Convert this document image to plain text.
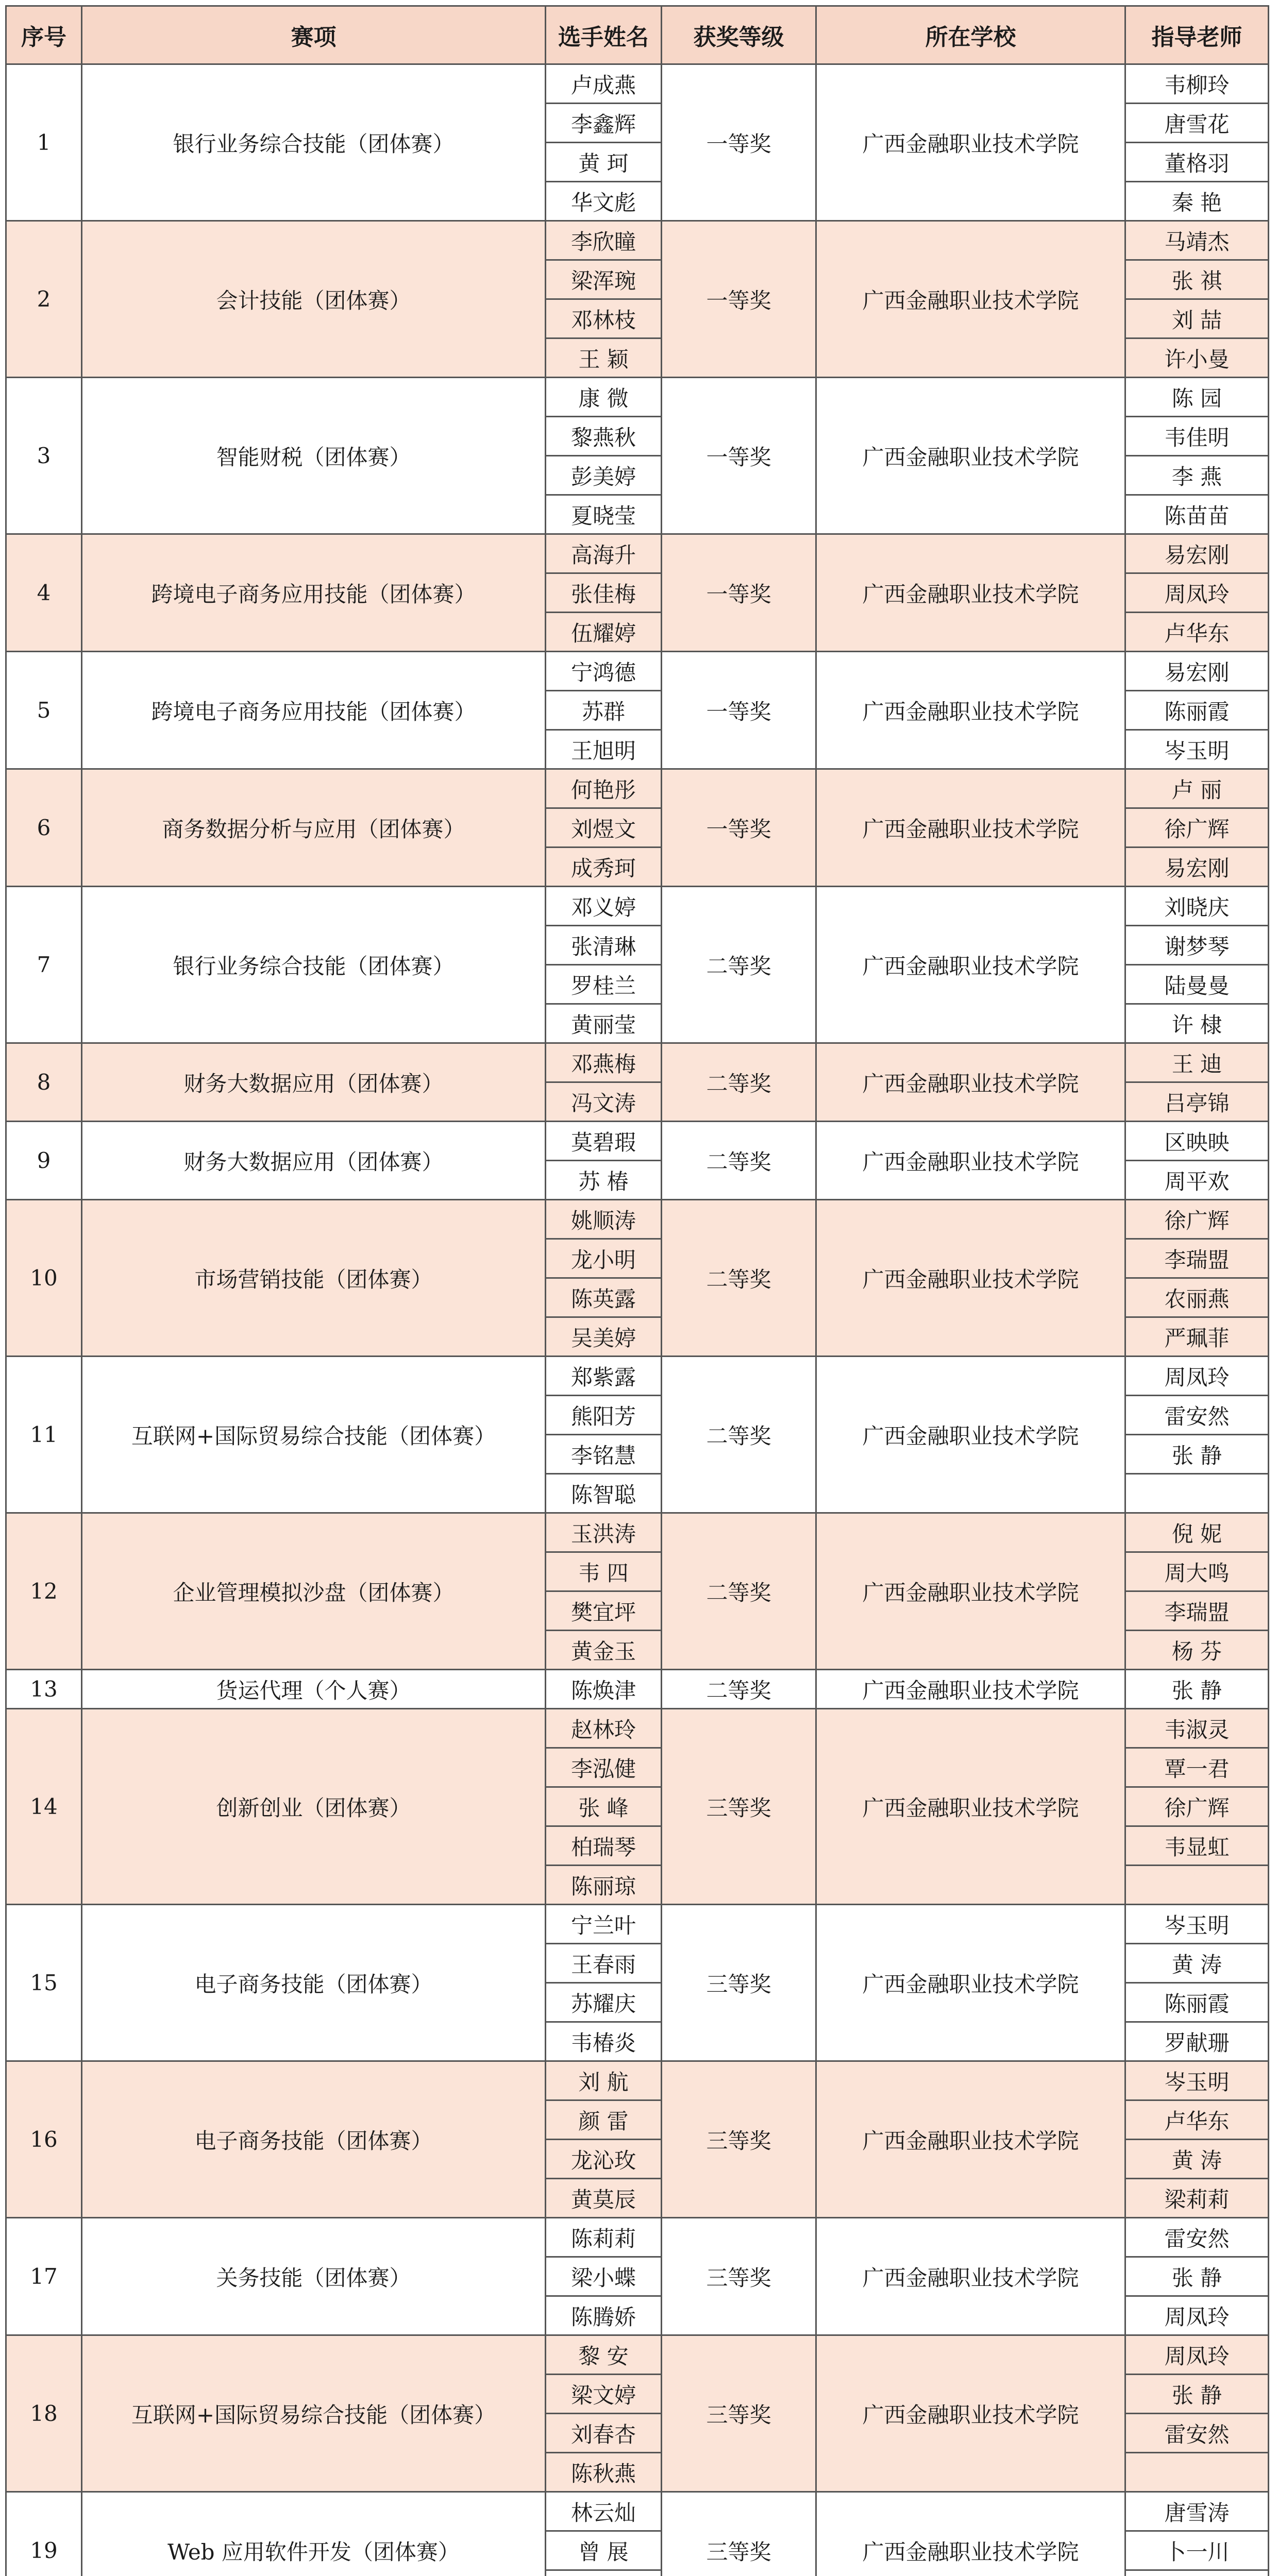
序号	赛项	选手姓名	获奖等级	所在学校	指导老师
1	银行业务综合技能（团体赛）	卢成燕	一等奖	广西金融职业技术学院	韦柳玲
		李鑫辉			唐雪花
		黄 珂			董格羽
		华文彪			秦 艳
2	会计技能（团体赛）	李欣瞳	一等奖	广西金融职业技术学院	马靖杰
		梁浑琬			张 祺
		邓林枝			刘 喆
		王 颖			许小曼
3	智能财税（团体赛）	康 微	一等奖	广西金融职业技术学院	陈 园
		黎燕秋			韦佳明
		彭美婷			李 燕
		夏晓莹			陈苗苗
4	跨境电子商务应用技能（团体赛）	高海升	一等奖	广西金融职业技术学院	易宏刚
		张佳梅			周凤玲
		伍耀婷			卢华东
5	跨境电子商务应用技能（团体赛）	宁鸿德	一等奖	广西金融职业技术学院	易宏刚
		苏群			陈丽霞
		王旭明			岑玉明
6	商务数据分析与应用（团体赛）	何艳彤	一等奖	广西金融职业技术学院	卢 丽
		刘煜文			徐广辉
		成秀珂			易宏刚
7	银行业务综合技能（团体赛）	邓义婷	二等奖	广西金融职业技术学院	刘晓庆
		张清琳			谢梦琴
		罗桂兰			陆曼曼
		黄丽莹			许 棣
8	财务大数据应用（团体赛）	邓燕梅	二等奖	广西金融职业技术学院	王 迪
		冯文涛			吕亭锦
9	财务大数据应用（团体赛）	莫碧瑕	二等奖	广西金融职业技术学院	区映映
		苏 椿			周平欢
10	市场营销技能（团体赛）	姚顺涛	二等奖	广西金融职业技术学院	徐广辉
		龙小明			李瑞盟
		陈英露			农丽燕
		吴美婷			严珮菲
11	互联网+国际贸易综合技能（团体赛）	郑紫露	二等奖	广西金融职业技术学院	周凤玲
		熊阳芳			雷安然
		李铭慧			张 静
		陈智聪			
12	企业管理模拟沙盘（团体赛）	玉洪涛	二等奖	广西金融职业技术学院	倪 妮
		韦 四			周大鸣
		樊宜坪			李瑞盟
		黄金玉			杨 芬
13	货运代理（个人赛）	陈焕津	二等奖	广西金融职业技术学院	张 静
14	创新创业（团体赛）	赵林玲	三等奖	广西金融职业技术学院	韦淑灵
		李泓健			覃一君
		张 峰			徐广辉
		柏瑞琴			韦显虹
		陈丽琼			
15	电子商务技能（团体赛）	宁兰叶	三等奖	广西金融职业技术学院	岑玉明
		王春雨			黄 涛
		苏耀庆			陈丽霞
		韦椿炎			罗献珊
16	电子商务技能（团体赛）	刘 航	三等奖	广西金融职业技术学院	岑玉明
		颜 雷			卢华东
		龙沁玫			黄 涛
		黄莫辰			梁莉莉
17	关务技能（团体赛）	陈莉莉	三等奖	广西金融职业技术学院	雷安然
		梁小蝶			张 静
		陈腾娇			周凤玲
18	互联网+国际贸易综合技能（团体赛）	黎 安	三等奖	广西金融职业技术学院	周凤玲
		梁文婷			张 静
		刘春杏			雷安然
		陈秋燕			
19	Web 应用软件开发（团体赛）	林云灿	三等奖	广西金融职业技术学院	唐雪涛
		曾 展			卜一川
